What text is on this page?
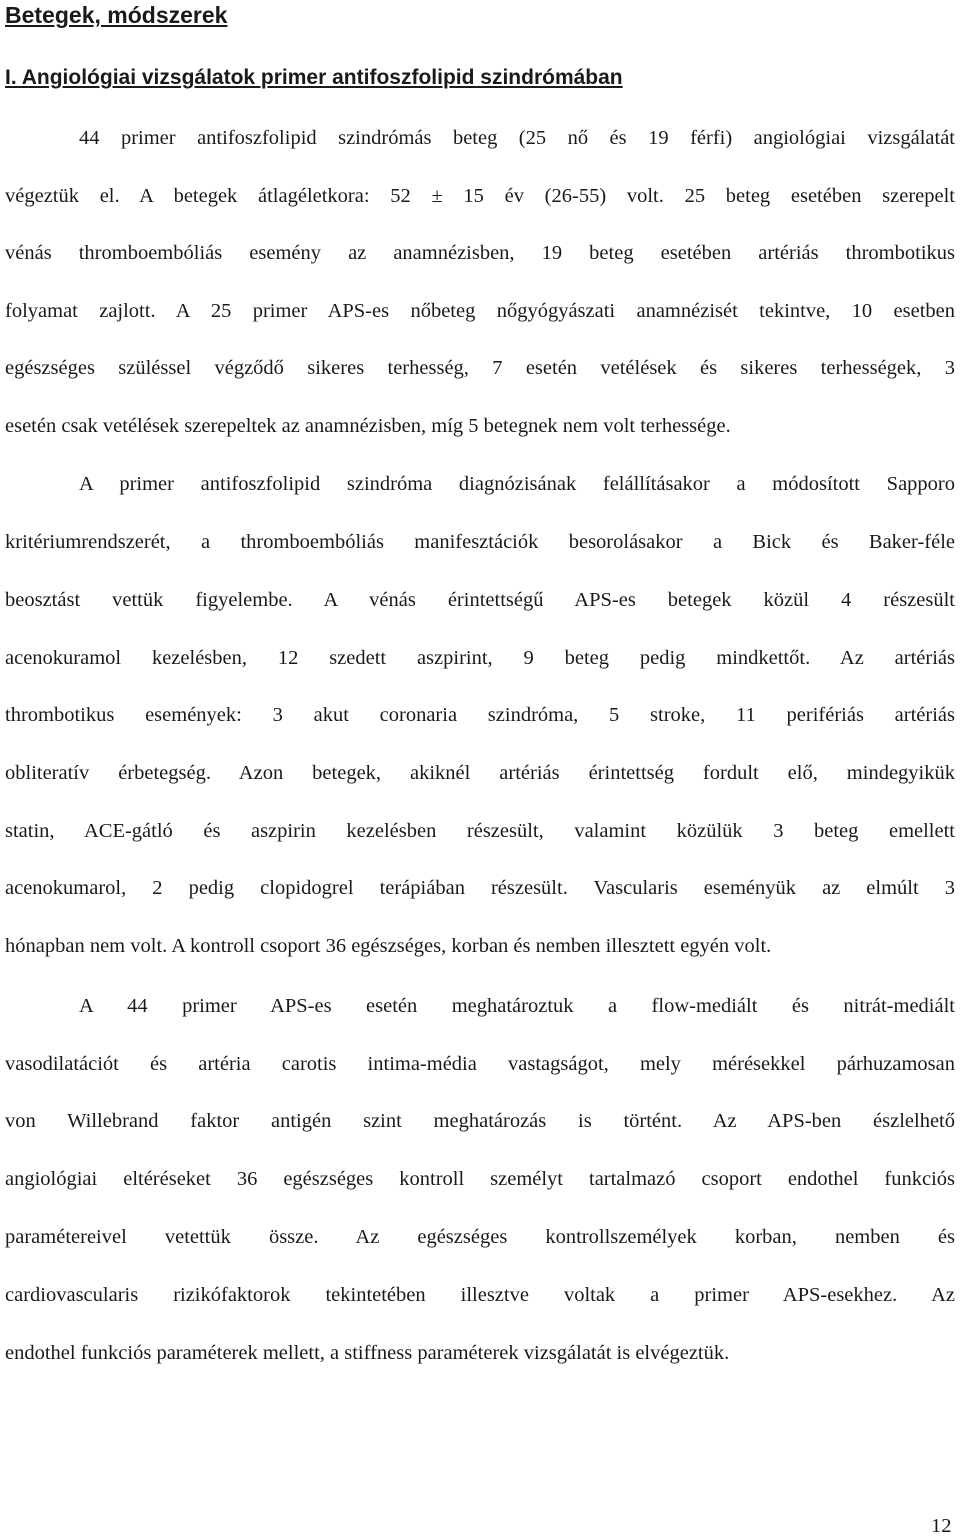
Betegek, módszerek
I. Angiológiai vizsgálatok primer antifoszfolipid szindrómában
44 primer antifoszfolipid szindrómás beteg (25 nő és 19 férfi) angiológiai vizsgálatát
végeztük el. A betegek átlagéletkora: 52 ± 15 év (26-55) volt. 25 beteg esetében szerepelt
vénás thromboembóliás esemény az anamnézisben, 19 beteg esetében artériás thrombotikus
folyamat zajlott. A 25 primer APS-es nőbeteg nőgyógyászati anamnézisét tekintve, 10 esetben
egészséges szüléssel végződő sikeres terhesség, 7 esetén vetélések és sikeres terhességek, 3
esetén csak vetélések szerepeltek az anamnézisben, míg 5 betegnek nem volt terhessége.
A primer antifoszfolipid szindróma diagnózisának felállításakor a módosított Sapporo
kritériumrendszerét, a thromboembóliás manifesztációk besorolásakor a Bick és Baker-féle
beosztást vettük figyelembe. A vénás érintettségű APS-es betegek közül 4 részesült
acenokuramol kezelésben, 12 szedett aszpirint, 9 beteg pedig mindkettőt. Az artériás
thrombotikus események: 3 akut coronaria szindróma, 5 stroke, 11 perifériás artériás
obliteratív érbetegség. Azon betegek, akiknél artériás érintettség fordult elő, mindegyikük
statin, ACE-gátló és aszpirin kezelésben részesült, valamint közülük 3 beteg emellett
acenokumarol, 2 pedig clopidogrel terápiában részesült. Vascularis eseményük az elmúlt 3
hónapban nem volt. A kontroll csoport 36 egészséges, korban és nemben illesztett egyén volt.
A 44 primer APS-es esetén meghatároztuk a flow-mediált és nitrát-mediált
vasodilatációt és artéria carotis intima-média vastagságot, mely mérésekkel párhuzamosan
von Willebrand faktor antigén szint meghatározás is történt. Az APS-ben észlelhető
angiológiai eltéréseket 36 egészséges kontroll személyt tartalmazó csoport endothel funkciós
paramétereivel vetettük össze. Az egészséges kontrollszemélyek korban, nemben és
cardiovascularis rizikófaktorok tekintetében illesztve voltak a primer APS-esekhez. Az
endothel funkciós paraméterek mellett, a stiffness paraméterek vizsgálatát is elvégeztük.
12
